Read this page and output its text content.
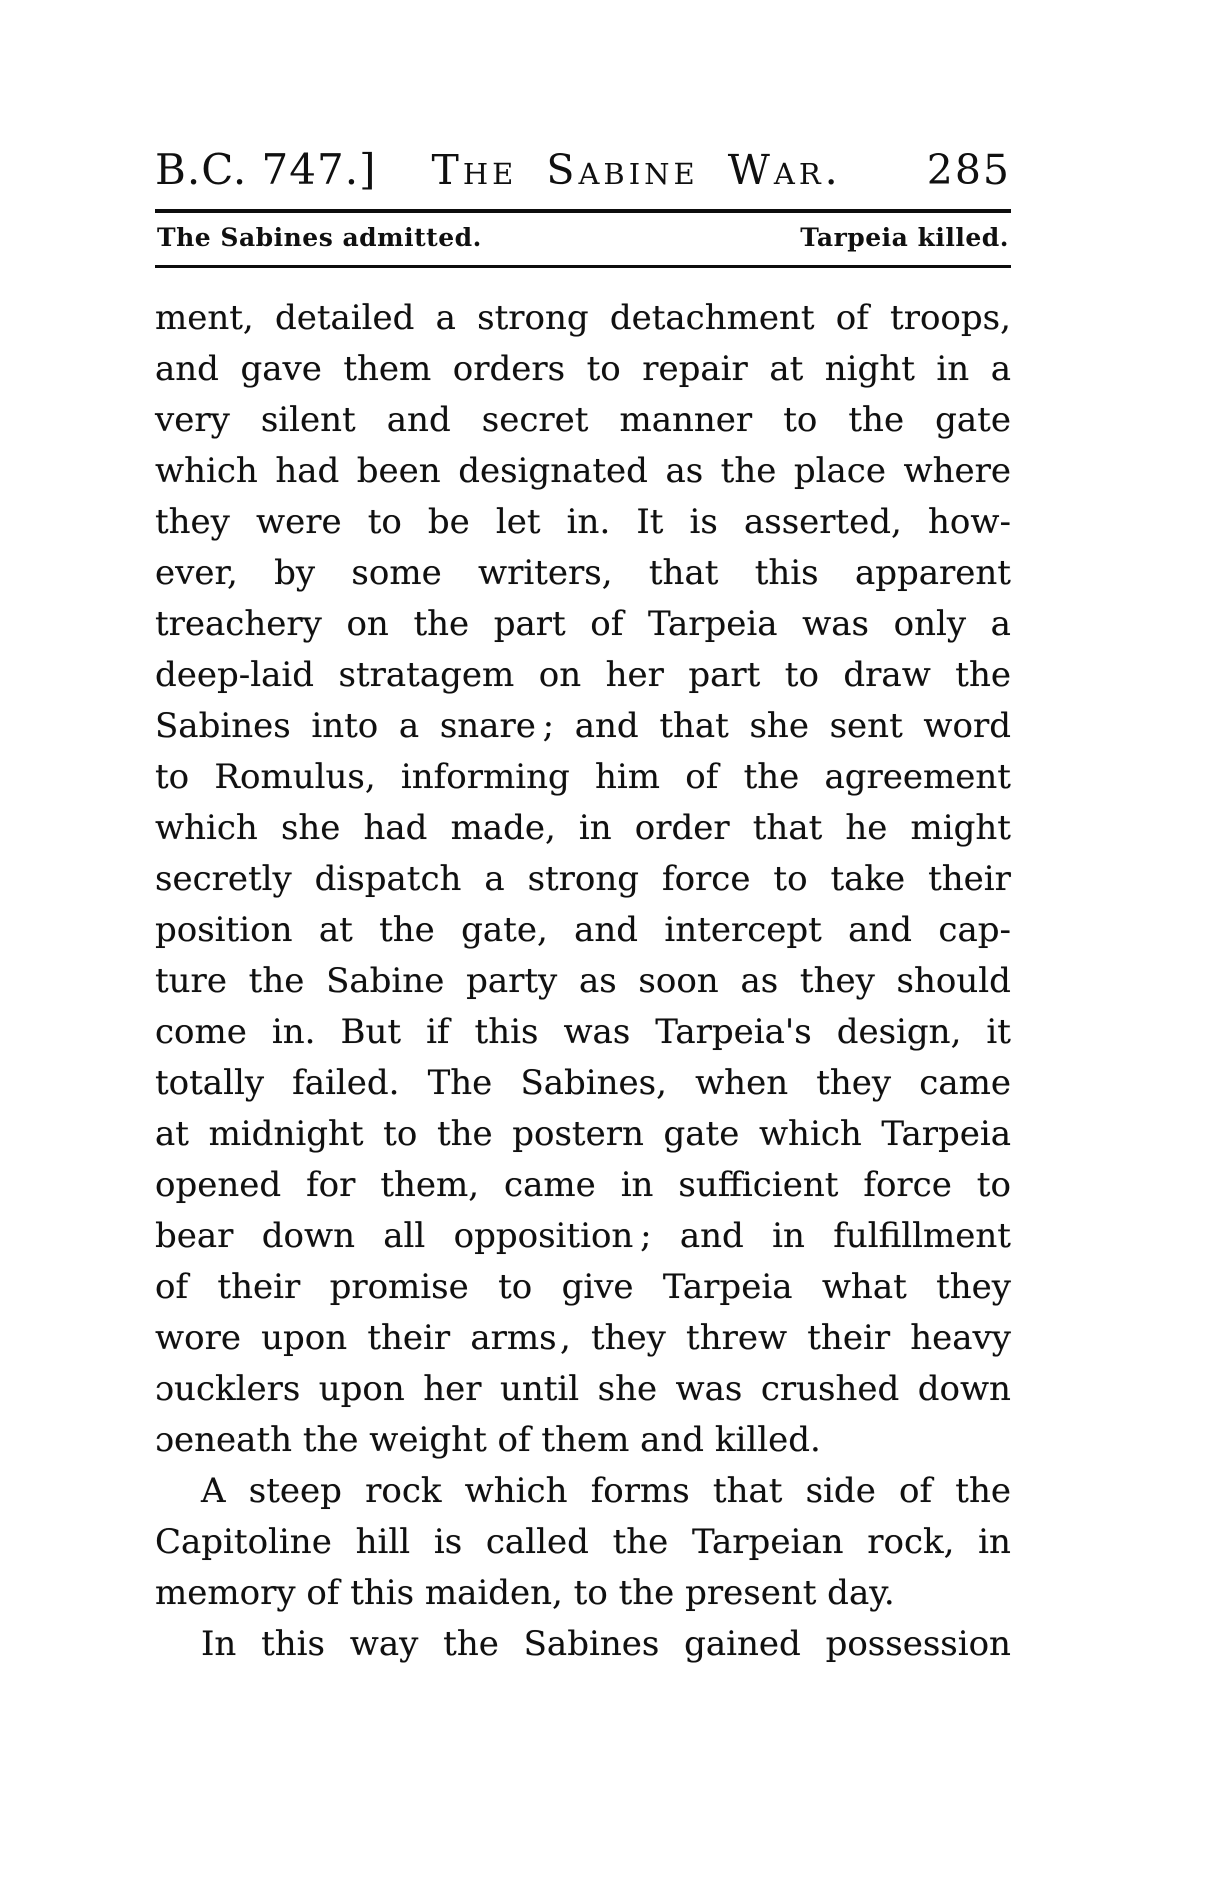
B.C. 747.] The Sabine War.	285
The Sabines admitted.	Tarpeia killed.
ment, detailed a strong detachment of troops,
and gave them orders to repair at night in a
very silent and secret manner to the gate
which had been designated as the place where
they were to be let in. It is asserted, how-
ever, by some writers, that this apparent
treachery on the part of Tarpeia was only a
deep-laid stratagem on her part to draw the
Sabines into a snare ; and that she sent word
to Romulus, informing him of the agreement
which she had made, in order that he might
secretly dispatch a strong force to take their
position at the gate, and intercept and cap-
ture the Sabine party as soon as they should
come in. But if this was Tarpeia's design, it
totally failed. The Sabines, when they came
at midnight to the postern gate which Tarpeia
opened for them, came in sufficient force to
bear down all opposition ; and in fulfillment
of their promise to give Tarpeia what they
wore upon their arms , they threw their heavy
ɔucklers upon her until she was crushed down
ɔeneath the weight of them and killed.
A steep rock which forms that side of the
Capitoline hill is called the Tarpeian rock, in
memory of this maiden, to the present day.
In this way the Sabines gained possession
